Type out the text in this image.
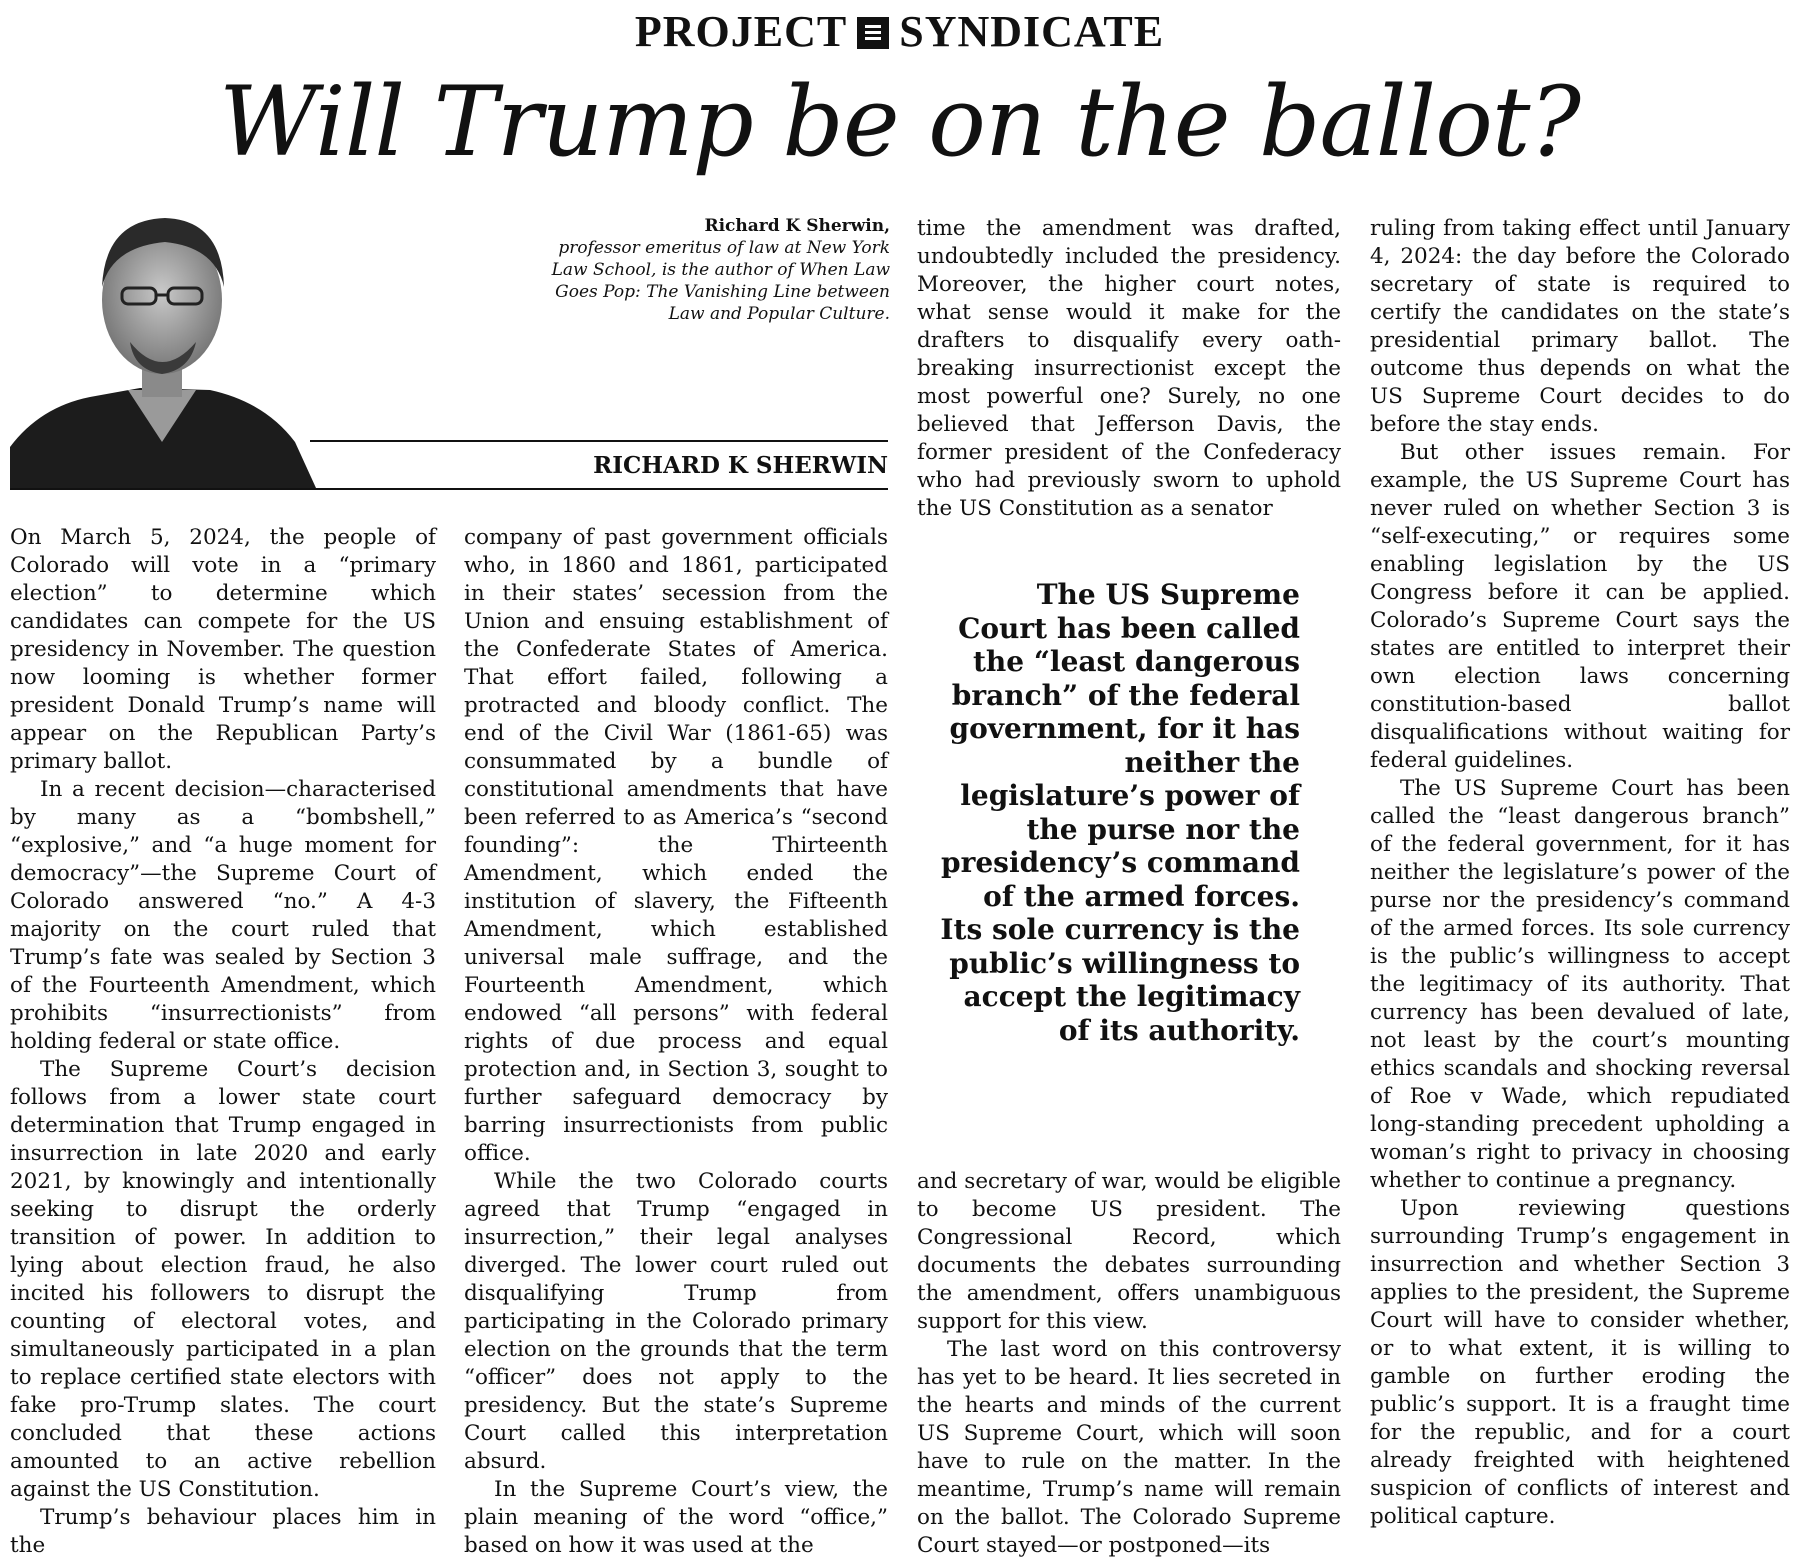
PROJECT SYNDICATE
Will Trump be on the ballot?
Richard K Sherwin,
professor emeritus of law at New York Law School, is the author of When Law Goes Pop: The Vanishing Line between Law and Popular Culture.
RICHARD K SHERWIN

On March 5, 2024, the people of Colorado will vote in a “primary election” to determine which candidates can compete for the US presidency in November. The question now looming is whether former president Donald Trump’s name will appear on the Republican Party’s primary ballot.

In a recent decision—characterised by many as a “bombshell,” “explosive,” and “a huge moment for democracy”—the Supreme Court of Colorado answered “no.” A 4-3 majority on the court ruled that Trump’s fate was sealed by Section 3 of the Fourteenth Amendment, which prohibits “insurrectionists” from holding federal or state office.

The Supreme Court’s decision follows from a lower state court determination that Trump engaged in insurrection in late 2020 and early 2021, by knowingly and intentionally seeking to disrupt the orderly transition of power. In addition to lying about election fraud, he also incited his followers to disrupt the counting of electoral votes, and simultaneously participated in a plan to replace certified state electors with fake pro-Trump slates. The court concluded that these actions amounted to an active rebellion against the US Constitution.

Trump’s behaviour places him in the

company of past government officials who, in 1860 and 1861, participated in their states’ secession from the Union and ensuing establishment of the Confederate States of America. That effort failed, following a protracted and bloody conflict. The end of the Civil War (1861-65) was consummated by a bundle of constitutional amendments that have been referred to as America’s “second founding”: the Thirteenth Amendment, which ended the institution of slavery, the Fifteenth Amendment, which established universal male suffrage, and the Fourteenth Amendment, which endowed “all persons” with federal rights of due process and equal protection and, in Section 3, sought to further safeguard democracy by barring insurrectionists from public office.

While the two Colorado courts agreed that Trump “engaged in insurrection,” their legal analyses diverged. The lower court ruled out disqualifying Trump from participating in the Colorado primary election on the grounds that the term “officer” does not apply to the presidency. But the state’s Supreme Court called this interpretation absurd.

In the Supreme Court’s view, the plain meaning of the word “office,” based on how it was used at the

time the amendment was drafted, undoubtedly included the presidency. Moreover, the higher court notes, what sense would it make for the drafters to disqualify every oath-breaking insurrectionist except the most powerful one? Surely, no one believed that Jefferson Davis, the former president of the Confederacy who had previously sworn to uphold the US Constitution as a senator

The US Supreme Court has been called the “least dangerous branch” of the federal government, for it has neither the legislature’s power of the purse nor the presidency’s command of the armed forces. Its sole currency is the public’s willingness to accept the legitimacy of its authority.

and secretary of war, would be eligible to become US president. The Congressional Record, which documents the debates surrounding the amendment, offers unambiguous support for this view.

The last word on this controversy has yet to be heard. It lies secreted in the hearts and minds of the current US Supreme Court, which will soon have to rule on the matter. In the meantime, Trump’s name will remain on the ballot. The Colorado Supreme Court stayed—or postponed—its

ruling from taking effect until January 4, 2024: the day before the Colorado secretary of state is required to certify the candidates on the state’s presidential primary ballot. The outcome thus depends on what the US Supreme Court decides to do before the stay ends.

But other issues remain. For example, the US Supreme Court has never ruled on whether Section 3 is “self-executing,” or requires some enabling legislation by the US Congress before it can be applied. Colorado’s Supreme Court says the states are entitled to interpret their own election laws concerning constitution-based ballot disqualifications without waiting for federal guidelines.

The US Supreme Court has been called the “least dangerous branch” of the federal government, for it has neither the legislature’s power of the purse nor the presidency’s command of the armed forces. Its sole currency is the public’s willingness to accept the legitimacy of its authority. That currency has been devalued of late, not least by the court’s mounting ethics scandals and shocking reversal of Roe v Wade, which repudiated long-standing precedent upholding a woman’s right to privacy in choosing whether to continue a pregnancy.

Upon reviewing questions surrounding Trump’s engagement in insurrection and whether Section 3 applies to the president, the Supreme Court will have to consider whether, or to what extent, it is willing to gamble on further eroding the public’s support. It is a fraught time for the republic, and for a court already freighted with heightened suspicion of conflicts of interest and political capture.
